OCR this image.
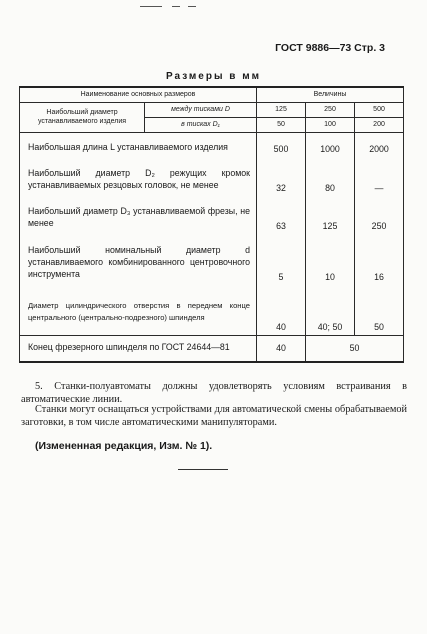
ГОСТ 9886—73 Стр. 3
Размеры в мм
Наименование основных размеров		Величины		
Наибольший диаметр устанавливаемого изделия	между тисками D	125	250	500
	в тисках D₁	50	100	200
Наибольшая длина L устанавливаемого изделия		500	1000	2000
Наибольший диаметр D₂ режущих кромок устанавливаемых резцовых головок, не менее		32	80	—
Наибольший диаметр D₃ устанавливаемой фрезы, не менее		63	125	250
Наибольший номинальный диаметр d устанавливаемого комбинированного центровочного инструмента		5	10	16
Диаметр цилиндрического отверстия в переднем конце центрального (центрально-подрезного) шпинделя		40	40; 50	50
Конец фрезерного шпинделя по ГОСТ 24644—81		40	50	
5. Станки-полуавтоматы должны удовлетворять условиям встраивания в автоматические линии.
Станки могут оснащаться устройствами для автоматической смены обрабатываемой заготовки, в том числе автоматическими манипуляторами.
(Измененная редакция, Изм. № 1).
